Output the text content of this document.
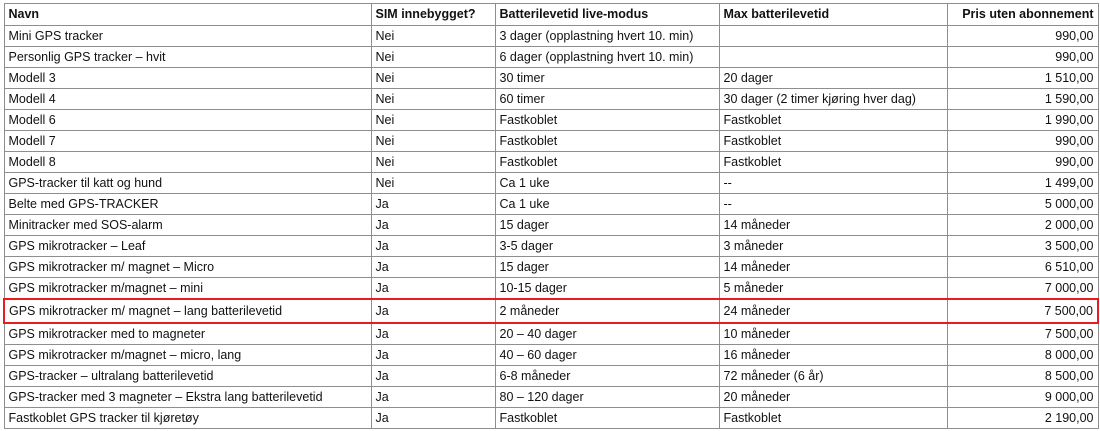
Navn	SIM innebygget?	Batterilevetid live-modus	Max batterilevetid	Pris uten abonnement
Mini GPS tracker	Nei	3 dager (opplastning hvert 10. min)		990,00
Personlig GPS tracker – hvit	Nei	6 dager (opplastning hvert 10. min)		990,00
Modell 3	Nei	30 timer	20 dager	1 510,00
Modell 4	Nei	60 timer	30 dager (2 timer kjøring hver dag)	1 590,00
Modell 6	Nei	Fastkoblet	Fastkoblet	1 990,00
Modell 7	Nei	Fastkoblet	Fastkoblet	990,00
Modell 8	Nei	Fastkoblet	Fastkoblet	990,00
GPS-tracker til katt og hund	Nei	Ca 1 uke	--	1 499,00
Belte med GPS-TRACKER	Ja	Ca 1 uke	--	5 000,00
Minitracker med SOS-alarm	Ja	15 dager	14 måneder	2 000,00
GPS mikrotracker – Leaf	Ja	3-5 dager	3 måneder	3 500,00
GPS mikrotracker m/ magnet – Micro	Ja	15 dager	14 måneder	6 510,00
GPS mikrotracker m/magnet – mini	Ja	10-15 dager	5 måneder	7 000,00
GPS mikrotracker m/ magnet – lang batterilevetid	Ja	2 måneder	24 måneder	7 500,00
GPS mikrotracker med to magneter	Ja	20 – 40 dager	10 måneder	7 500,00
GPS mikrotracker m/magnet – micro, lang	Ja	40 – 60 dager	16 måneder	8 000,00
GPS-tracker – ultralang batterilevetid	Ja	6-8 måneder	72 måneder (6 år)	8 500,00
GPS-tracker med 3 magneter – Ekstra lang batterilevetid	Ja	80 – 120 dager	20 måneder	9 000,00
Fastkoblet GPS tracker til kjøretøy	Ja	Fastkoblet	Fastkoblet	2 190,00
